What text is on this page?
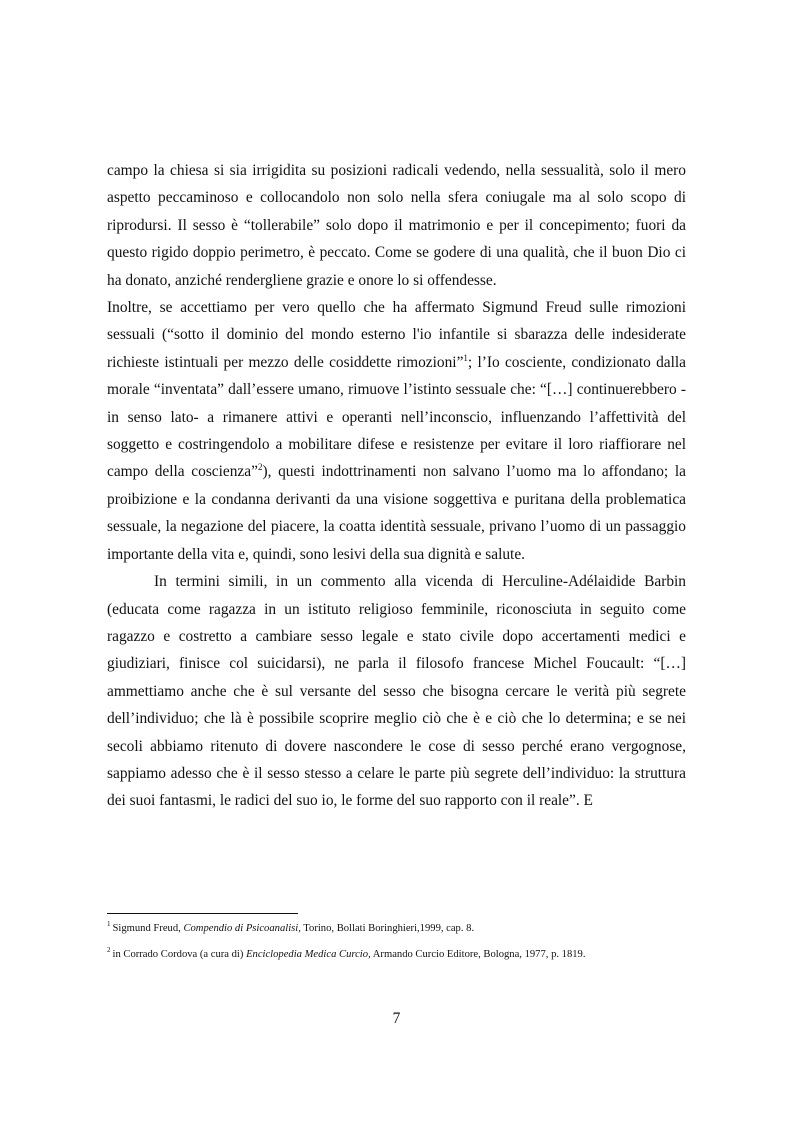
campo la chiesa si sia irrigidita su posizioni radicali vedendo, nella sessualità, solo il mero aspetto peccaminoso e collocandolo non solo nella sfera coniugale ma al solo scopo di riprodursi. Il sesso è “tollerabile” solo dopo il matrimonio e per il concepimento; fuori da questo rigido doppio perimetro, è peccato. Come se godere di una qualità, che il buon Dio ci ha donato, anziché rendergliene grazie e onore lo si offendesse.

Inoltre, se accettiamo per vero quello che ha affermato Sigmund Freud sulle rimozioni sessuali (“sotto il dominio del mondo esterno l'io infantile si sbarazza delle indesiderate richieste istintuali per mezzo delle cosiddette rimozioni”$^1$; l’Io cosciente, condizionato dalla morale “inventata” dall’essere umano, rimuove l’istinto sessuale che: “[…] continuerebbero -in senso lato- a rimanere attivi e operanti nell’inconscio, influenzando l’affettività del soggetto e costringendolo a mobilitare difese e resistenze per evitare il loro riaffiorare nel campo della coscienza”$^2$), questi indottrinamenti non salvano l’uomo ma lo affondano; la proibizione e la condanna derivanti da una visione soggettiva e puritana della problematica sessuale, la negazione del piacere, la coatta identità sessuale, privano l’uomo di un passaggio importante della vita e, quindi, sono lesivi della sua dignità e salute.

In termini simili, in un commento alla vicenda di Herculine-Adélaidide Barbin (educata come ragazza in un istituto religioso femminile, riconosciuta in seguito come ragazzo e costretto a cambiare sesso legale e stato civile dopo accertamenti medici e giudiziari, finisce col suicidarsi), ne parla il filosofo francese Michel Foucault: “[…] ammettiamo anche che è sul versante del sesso che bisogna cercare le verità più segrete dell’individuo; che là è possibile scoprire meglio ciò che è e ciò che lo determina; e se nei secoli abbiamo ritenuto di dovere nascondere le cose di sesso perché erano vergognose, sappiamo adesso che è il sesso stesso a celare le parte più segrete dell’individuo: la struttura dei suoi fantasmi, le radici del suo io, le forme del suo rapporto con il reale”. E

$^1$ Sigmund Freud, Compendio di Psicoanalisi, Torino, Bollati Boringhieri,1999, cap. 8.
$^2$ in Corrado Cordova (a cura di) Enciclopedia Medica Curcio, Armando Curcio Editore, Bologna, 1977, p. 1819.
7
